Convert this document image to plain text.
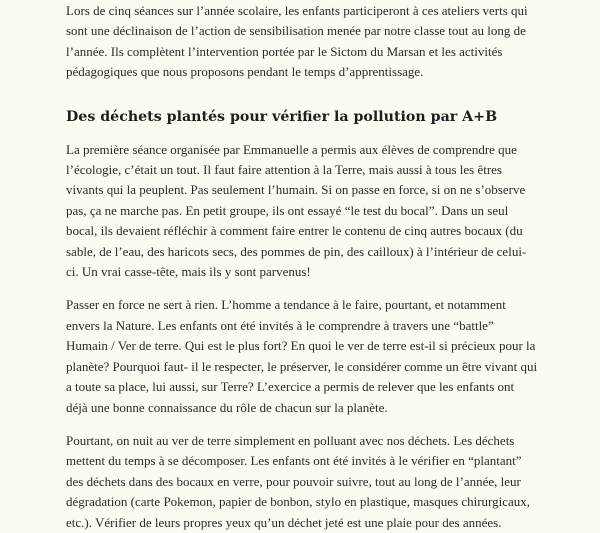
Lors de cinq séances sur l’année scolaire, les enfants participeront à ces ateliers verts qui sont une déclinaison de l’action de sensibilisation menée par notre classe tout au long de l’année. Ils complètent l’intervention portée par le Sictom du Marsan et les activités pédagogiques que nous proposons pendant le temps d’apprentissage.

Des déchets plantés pour vérifier la pollution par A+B

La première séance organisée par Emmanuelle a permis aux élèves de comprendre que l’écologie, c’était un tout. Il faut faire attention à la Terre, mais aussi à tous les êtres vivants qui la peuplent. Pas seulement l’humain. Si on passe en force, si on ne s’observe pas, ça ne marche pas. En petit groupe, ils ont essayé “le test du bocal”. Dans un seul bocal, ils devaient réfléchir à comment faire entrer le contenu de cinq autres bocaux (du sable, de l’eau, des haricots secs, des pommes de pin, des cailloux) à l’intérieur de celui-ci. Un vrai casse-tête, mais ils y sont parvenus!

Passer en force ne sert à rien. L’homme a tendance à le faire, pourtant, et notamment envers la Nature. Les enfants ont été invités à le comprendre à travers une “battle” Humain / Ver de terre. Qui est le plus fort? En quoi le ver de terre est-il si précieux pour la planète? Pourquoi faut- il le respecter, le préserver, le considérer comme un être vivant qui a toute sa place, lui aussi, sur Terre? L’exercice a permis de relever que les enfants ont déjà une bonne connaissance du rôle de chacun sur la planète.

Pourtant, on nuit au ver de terre simplement en polluant avec nos déchets. Les déchets mettent du temps à se décomposer. Les enfants ont été invités à le vérifier en “plantant” des déchets dans des bocaux en verre, pour pouvoir suivre, tout au long de l’année, leur dégradation (carte Pokemon, papier de bonbon, stylo en plastique, masques chirurgicaux, etc.). Vérifier de leurs propres yeux qu’un déchet jeté est une plaie pour des années.
